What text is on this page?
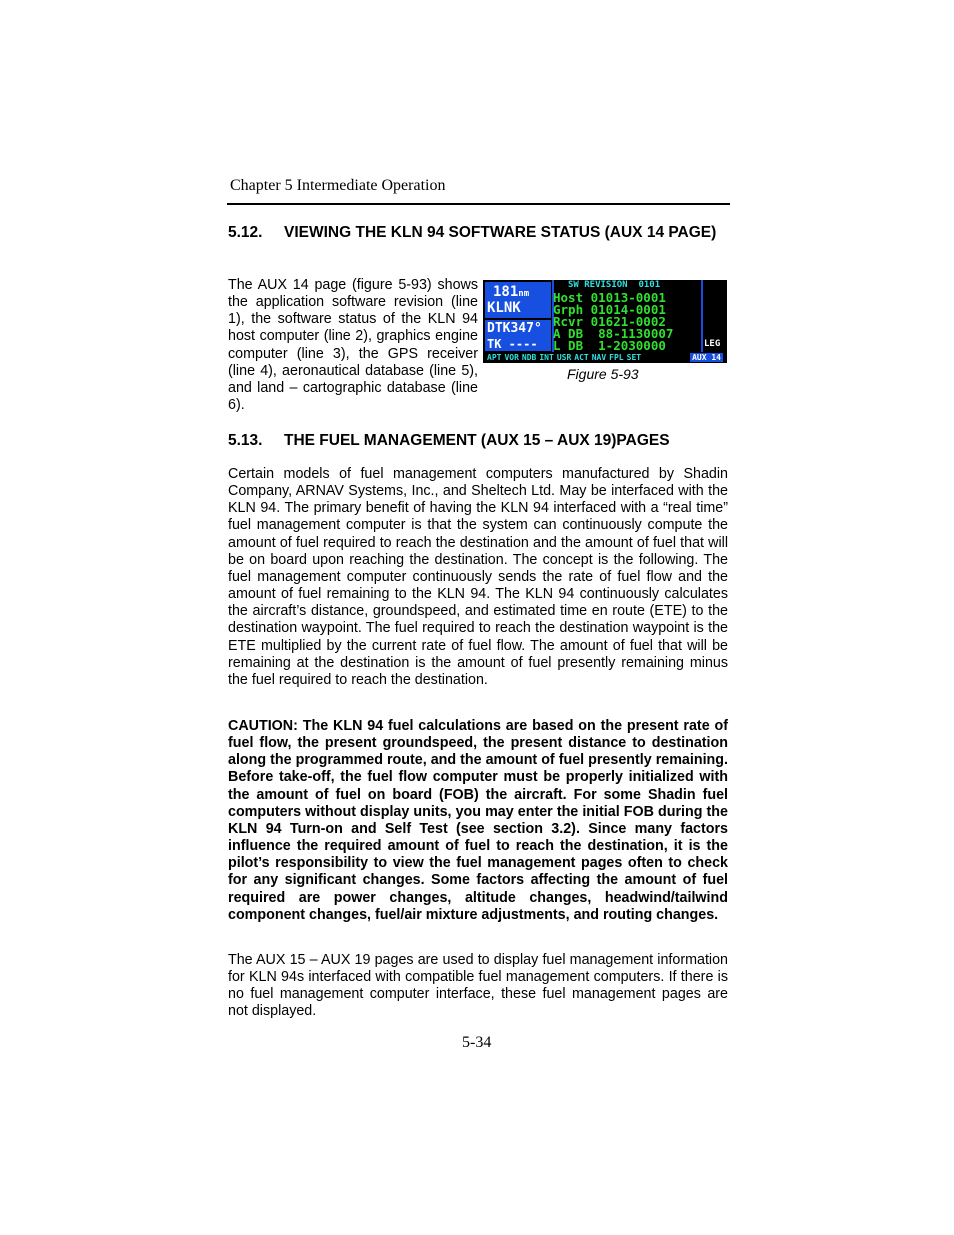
Chapter 5 Intermediate Operation
5.12. VIEWING THE KLN 94 SOFTWARE STATUS (AUX 14 PAGE)
The AUX 14 page (figure 5-93) shows the application software revision (line 1), the software status of the KLN 94 host computer (line 2), graphics engine computer (line 3), the GPS receiver (line 4), aeronautical database (line 5), and land – cartographic database (line 6).
181nm
KLNK
DTK347°
TK ----
SW REVISION  0101
Host 01013-0001
Grph 01014-0001
Rcvr 01621-0002
A DB  88-1130007
L DB  1-2030000	LEG
APT VOR NDB INT USR ACT NAV FPL SET	AUX 14
Figure 5-93
5.13. THE FUEL MANAGEMENT (AUX 15 – AUX 19)PAGES
Certain models of fuel management computers manufactured by Shadin Company, ARNAV Systems, Inc., and Sheltech Ltd. May be interfaced with the KLN 94. The primary benefit of having the KLN 94 interfaced with a “real time” fuel management computer is that the system can continuously compute the amount of fuel required to reach the destination and the amount of fuel that will be on board upon reaching the destination. The concept is the following. The fuel management computer continuously sends the rate of fuel flow and the amount of fuel remaining to the KLN 94. The KLN 94 continuously calculates the aircraft’s distance, groundspeed, and estimated time en route (ETE) to the destination waypoint. The fuel required to reach the destination waypoint is the ETE multiplied by the current rate of fuel flow. The amount of fuel that will be remaining at the destination is the amount of fuel presently remaining minus the fuel required to reach the destination.
CAUTION: The KLN 94 fuel calculations are based on the present rate of fuel flow, the present groundspeed, the present distance to destination along the programmed route, and the amount of fuel presently remaining. Before take-off, the fuel flow computer must be properly initialized with the amount of fuel on board (FOB) the aircraft. For some Shadin fuel computers without display units, you may enter the initial FOB during the KLN 94 Turn-on and Self Test (see section 3.2). Since many factors influence the required amount of fuel to reach the destination, it is the pilot’s responsibility to view the fuel management pages often to check for any significant changes. Some factors affecting the amount of fuel required are power changes, altitude changes, headwind/tailwind component changes, fuel/air mixture adjustments, and routing changes.
The AUX 15 – AUX 19 pages are used to display fuel management information for KLN 94s interfaced with compatible fuel management computers. If there is no fuel management computer interface, these fuel management pages are not displayed.
5-34
